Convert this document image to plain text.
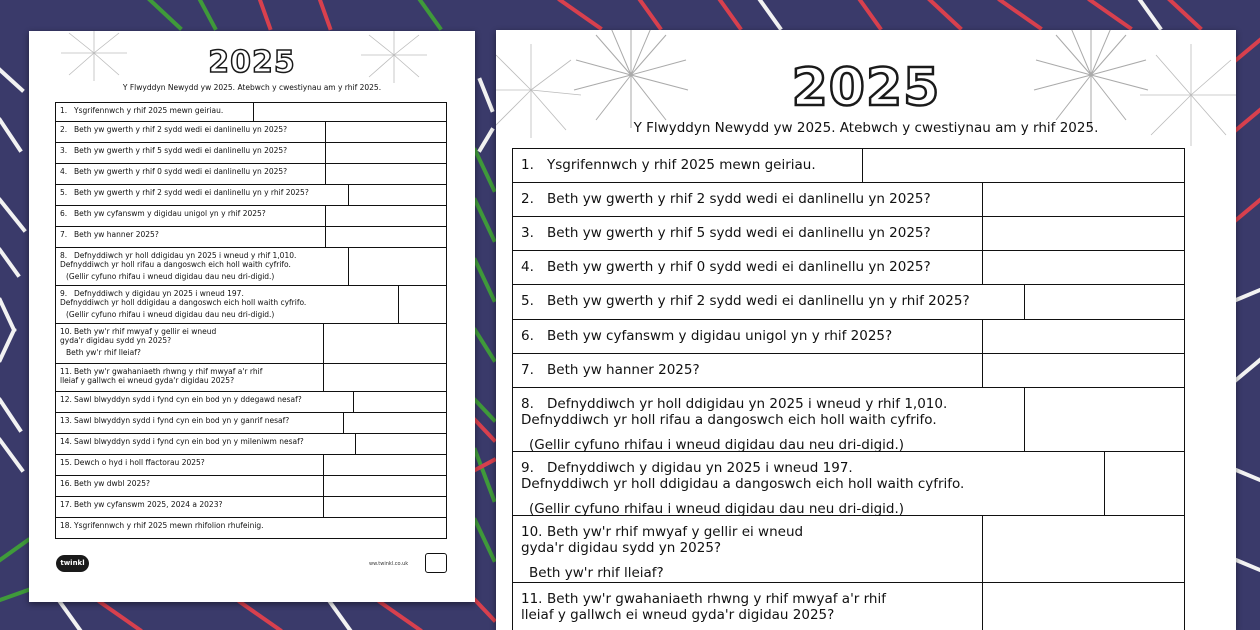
2025
Y Flwyddyn Newydd yw 2025. Atebwch y cwestiynau am y rhif 2025.
1. Ysgrifennwch y rhif 2025 mewn geiriau.
2. Beth yw gwerth y rhif 2 sydd wedi ei danlinellu yn 2025?
3. Beth yw gwerth y rhif 5 sydd wedi ei danlinellu yn 2025?
4. Beth yw gwerth y rhif 0 sydd wedi ei danlinellu yn 2025?
5. Beth yw gwerth y rhif 2 sydd wedi ei danlinellu yn y rhif 2025?
6. Beth yw cyfanswm y digidau unigol yn y rhif 2025?
7. Beth yw hanner 2025?
8. Defnyddiwch yr holl ddigidau yn 2025 i wneud y rhif 1,010.
Defnyddiwch yr holl rifau a dangoswch eich holl waith cyfrifo.
(Gellir cyfuno rhifau i wneud digidau dau neu dri-digid.)
9. Defnyddiwch y digidau yn 2025 i wneud 197.
Defnyddiwch yr holl ddigidau a dangoswch eich holl waith cyfrifo.
(Gellir cyfuno rhifau i wneud digidau dau neu dri-digid.)
10. Beth yw'r rhif mwyaf y gellir ei wneud
gyda'r digidau sydd yn 2025?
Beth yw'r rhif lleiaf?
11. Beth yw'r gwahaniaeth rhwng y rhif mwyaf a'r rhif
lleiaf y gallwch ei wneud gyda'r digidau 2025?
12. Sawl blwyddyn sydd i fynd cyn ein bod yn y ddegawd nesaf?
13. Sawl blwyddyn sydd i fynd cyn ein bod yn y ganrif nesaf?
14. Sawl blwyddyn sydd i fynd cyn ein bod yn y mileniwm nesaf?
15. Dewch o hyd i holl ffactorau 2025?
16. Beth yw dwbl 2025?
17. Beth yw cyfanswm 2025, 2024 a 2023?
18. Ysgrifennwch y rhif 2025 mewn rhifolion rhufeinig.
twinkl	ww.twinkl.co.uk
2025
Y Flwyddyn Newydd yw 2025. Atebwch y cwestiynau am y rhif 2025.
1. Ysgrifennwch y rhif 2025 mewn geiriau.
2. Beth yw gwerth y rhif 2 sydd wedi ei danlinellu yn 2025?
3. Beth yw gwerth y rhif 5 sydd wedi ei danlinellu yn 2025?
4. Beth yw gwerth y rhif 0 sydd wedi ei danlinellu yn 2025?
5. Beth yw gwerth y rhif 2 sydd wedi ei danlinellu yn y rhif 2025?
6. Beth yw cyfanswm y digidau unigol yn y rhif 2025?
7. Beth yw hanner 2025?
8. Defnyddiwch yr holl ddigidau yn 2025 i wneud y rhif 1,010.
Defnyddiwch yr holl rifau a dangoswch eich holl waith cyfrifo.
(Gellir cyfuno rhifau i wneud digidau dau neu dri-digid.)
9. Defnyddiwch y digidau yn 2025 i wneud 197.
Defnyddiwch yr holl ddigidau a dangoswch eich holl waith cyfrifo.
(Gellir cyfuno rhifau i wneud digidau dau neu dri-digid.)
10. Beth yw'r rhif mwyaf y gellir ei wneud
gyda'r digidau sydd yn 2025?
Beth yw'r rhif lleiaf?
11. Beth yw'r gwahaniaeth rhwng y rhif mwyaf a'r rhif
lleiaf y gallwch ei wneud gyda'r digidau 2025?
